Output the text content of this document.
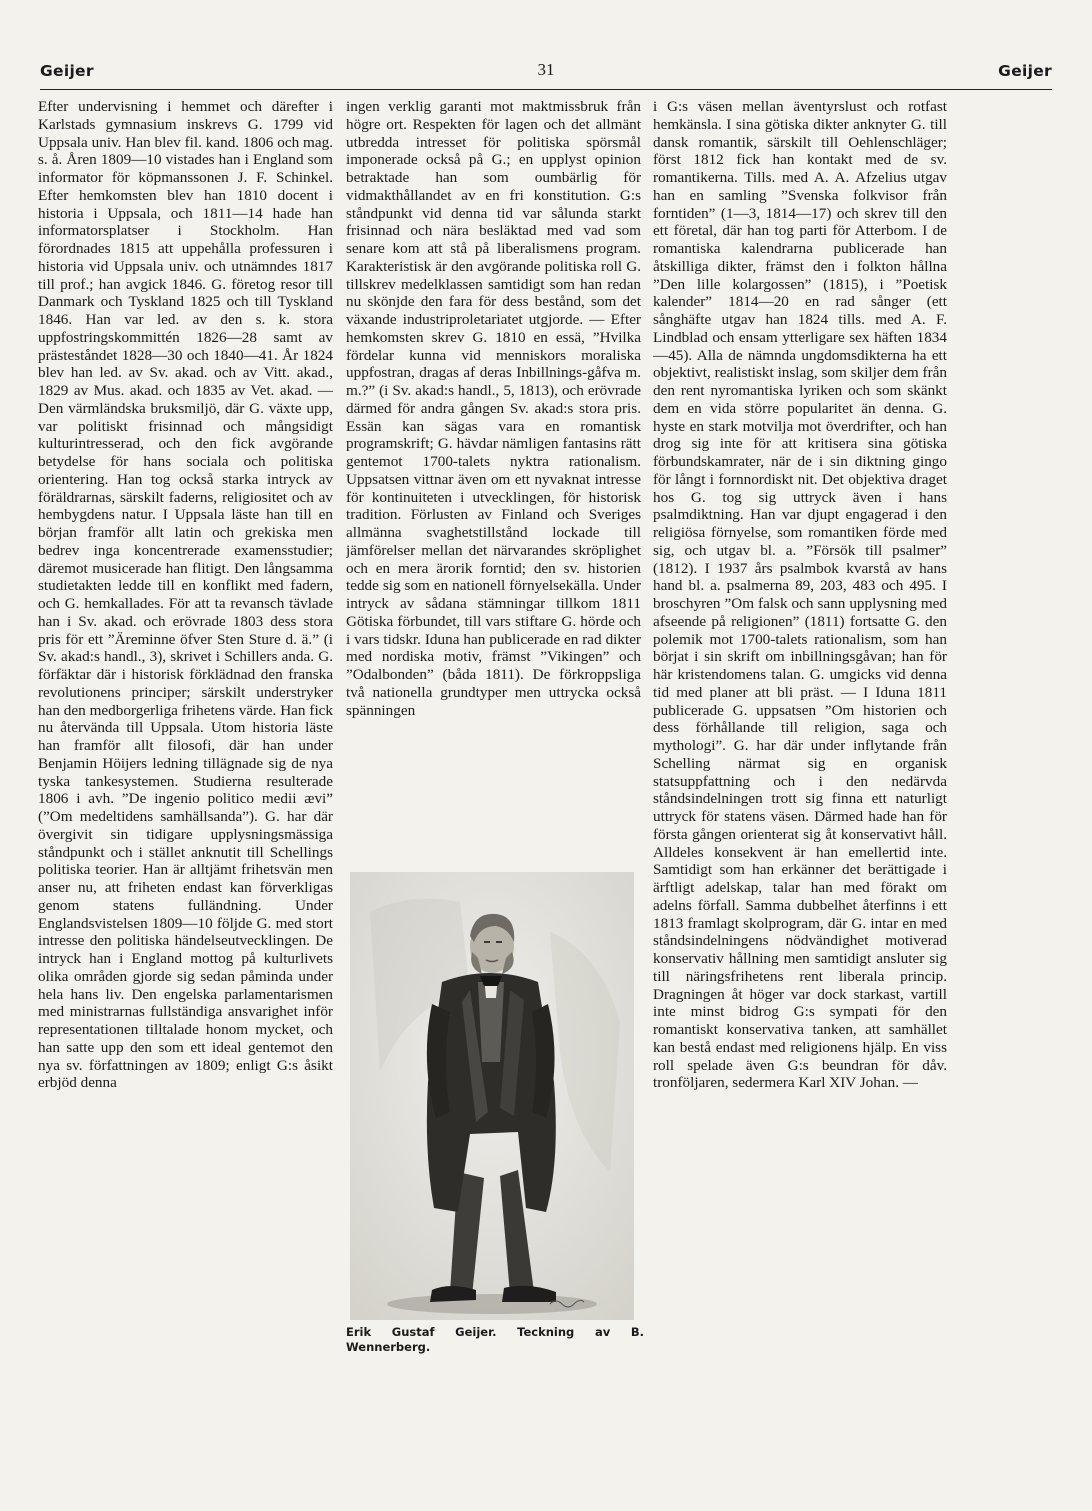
Geijer	31	Geijer

Efter undervisning i hemmet och därefter i Karlstads gymnasium inskrevs G. 1799 vid Uppsala univ. Han blev fil. kand. 1806 och mag. s. å. Åren 1809—10 vistades han i England som informator för köpmanssonen J. F. Schinkel. Efter hemkomsten blev han 1810 docent i historia i Uppsala, och 1811—14 hade han informatorsplatser i Stockholm. Han förordnades 1815 att uppehålla professuren i historia vid Uppsala univ. och utnämndes 1817 till prof.; han avgick 1846. G. företog resor till Danmark och Tyskland 1825 och till Tyskland 1846. Han var led. av den s. k. stora uppfostringskommittén 1826—28 samt av prästeståndet 1828—30 och 1840—41. År 1824 blev han led. av Sv. akad. och av Vitt. akad., 1829 av Mus. akad. och 1835 av Vet. akad. — Den värmländska bruksmiljö, där G. växte upp, var politiskt frisinnad och mångsidigt kulturintresserad, och den fick avgörande betydelse för hans sociala och politiska orientering. Han tog också starka intryck av föräldrarnas, särskilt faderns, religiositet och av hembygdens natur. I Uppsala läste han till en början framför allt latin och grekiska men bedrev inga koncentrerade examensstudier; däremot musicerade han flitigt. Den långsamma studietakten ledde till en konflikt med fadern, och G. hemkallades. För att ta revansch tävlade han i Sv. akad. och erövrade 1803 dess stora pris för ett ”Äreminne öfver Sten Sture d. ä.” (i Sv. akad:s handl., 3), skrivet i Schillers anda. G. förfäktar där i historisk förklädnad den franska revolutionens principer; särskilt understryker han den medborgerliga frihetens värde. Han fick nu återvända till Uppsala. Utom historia läste han framför allt filosofi, där han under Benjamin Höijers ledning tillägnade sig de nya tyska tankesystemen. Studierna resulterade 1806 i avh. ”De ingenio politico medii ævi” (”Om medeltidens samhällsanda”). G. har där övergivit sin tidigare upplysningsmässiga ståndpunkt och i stället anknutit till Schellings politiska teorier. Han är alltjämt frihetsvän men anser nu, att friheten endast kan förverkligas genom statens fulländning. Under Englandsvistelsen 1809—10 följde G. med stort intresse den politiska händelseutvecklingen. De intryck han i England mottog på kulturlivets olika områden gjorde sig sedan påminda under hela hans liv. Den engelska parlamentarismen med ministrarnas fullständiga ansvarighet inför representationen tilltalade honom mycket, och han satte upp den som ett ideal gentemot den nya sv. författningen av 1809; enligt G:s åsikt erbjöd denna

ingen verklig garanti mot maktmissbruk från högre ort. Respekten för lagen och det allmänt utbredda intresset för politiska spörsmål imponerade också på G.; en upplyst opinion betraktade han som oumbärlig för vidmakthållandet av en fri konstitution. G:s ståndpunkt vid denna tid var sålunda starkt frisinnad och nära besläktad med vad som senare kom att stå på liberalismens program. Karakteristisk är den avgörande politiska roll G. tillskrev medelklassen samtidigt som han redan nu skönjde den fara för dess bestånd, som det växande industriproletariatet utgjorde. — Efter hemkomsten skrev G. 1810 en essä, ”Hvilka fördelar kunna vid menniskors moraliska uppfostran, dragas af deras Inbillnings-gåfva m. m.?” (i Sv. akad:s handl., 5, 1813), och erövrade därmed för andra gången Sv. akad:s stora pris. Essän kan sägas vara en romantisk programskrift; G. hävdar nämligen fantasins rätt gentemot 1700-talets nyktra rationalism. Uppsatsen vittnar även om ett nyvaknat intresse för kontinuiteten i utvecklingen, för historisk tradition. Förlusten av Finland och Sveriges allmänna svaghetstillstånd lockade till jämförelser mellan det närvarandes skröplighet och en mera ärorik forntid; den sv. historien tedde sig som en nationell förnyelsekälla. Under intryck av sådana stämningar tillkom 1811 Götiska förbundet, till vars stiftare G. hörde och i vars tidskr. Iduna han publicerade en rad dikter med nordiska motiv, främst ”Vikingen” och ”Odalbonden” (båda 1811). De förkroppsliga två nationella grundtyper men uttrycka också spänningen

Erik Gustaf Geijer. Teckning av B. Wennerberg.

i G:s väsen mellan äventyrslust och rotfast hemkänsla. I sina götiska dikter anknyter G. till dansk romantik, särskilt till Oehlenschläger; först 1812 fick han kontakt med de sv. romantikerna. Tills. med A. A. Afzelius utgav han en samling ”Svenska folkvisor från forntiden” (1—3, 1814—17) och skrev till den ett företal, där han tog parti för Atterbom. I de romantiska kalendrarna publicerade han åtskilliga dikter, främst den i folkton hållna ”Den lille kolargossen” (1815), i ”Poetisk kalender” 1814—20 en rad sånger (ett sånghäfte utgav han 1824 tills. med A. F. Lindblad och ensam ytterligare sex häften 1834—45). Alla de nämnda ungdomsdikterna ha ett objektivt, realistiskt inslag, som skiljer dem från den rent nyromantiska lyriken och som skänkt dem en vida större popularitet än denna. G. hyste en stark motvilja mot överdrifter, och han drog sig inte för att kritisera sina götiska förbundskamrater, när de i sin diktning gingo för långt i fornnordiskt nit. Det objektiva draget hos G. tog sig uttryck även i hans psalmdiktning. Han var djupt engagerad i den religiösa förnyelse, som romantiken förde med sig, och utgav bl. a. ”Försök till psalmer” (1812). I 1937 års psalmbok kvarstå av hans hand bl. a. psalmerna 89, 203, 483 och 495. I broschyren ”Om falsk och sann upplysning med afseende på religionen” (1811) fortsatte G. den polemik mot 1700-talets rationalism, som han börjat i sin skrift om inbillningsgåvan; han för här kristendomens talan. G. umgicks vid denna tid med planer att bli präst. — I Iduna 1811 publicerade G. uppsatsen ”Om historien och dess förhållande till religion, saga och mythologi”. G. har där under inflytande från Schelling närmat sig en organisk statsuppfattning och i den nedärvda ståndsindelningen trott sig finna ett naturligt uttryck för statens väsen. Därmed hade han för första gången orienterat sig åt konservativt håll. Alldeles konsekvent är han emellertid inte. Samtidigt som han erkänner det berättigade i ärftligt adelskap, talar han med förakt om adelns förfall. Samma dubbelhet återfinns i ett 1813 framlagt skolprogram, där G. intar en med ståndsindelningens nödvändighet motiverad konservativ hållning men samtidigt ansluter sig till näringsfrihetens rent liberala princip. Dragningen åt höger var dock starkast, vartill inte minst bidrog G:s sympati för den romantiskt konservativa tanken, att samhället kan bestå endast med religionens hjälp. En viss roll spelade även G:s beundran för dåv. tronföljaren, sedermera Karl XIV Johan. —
